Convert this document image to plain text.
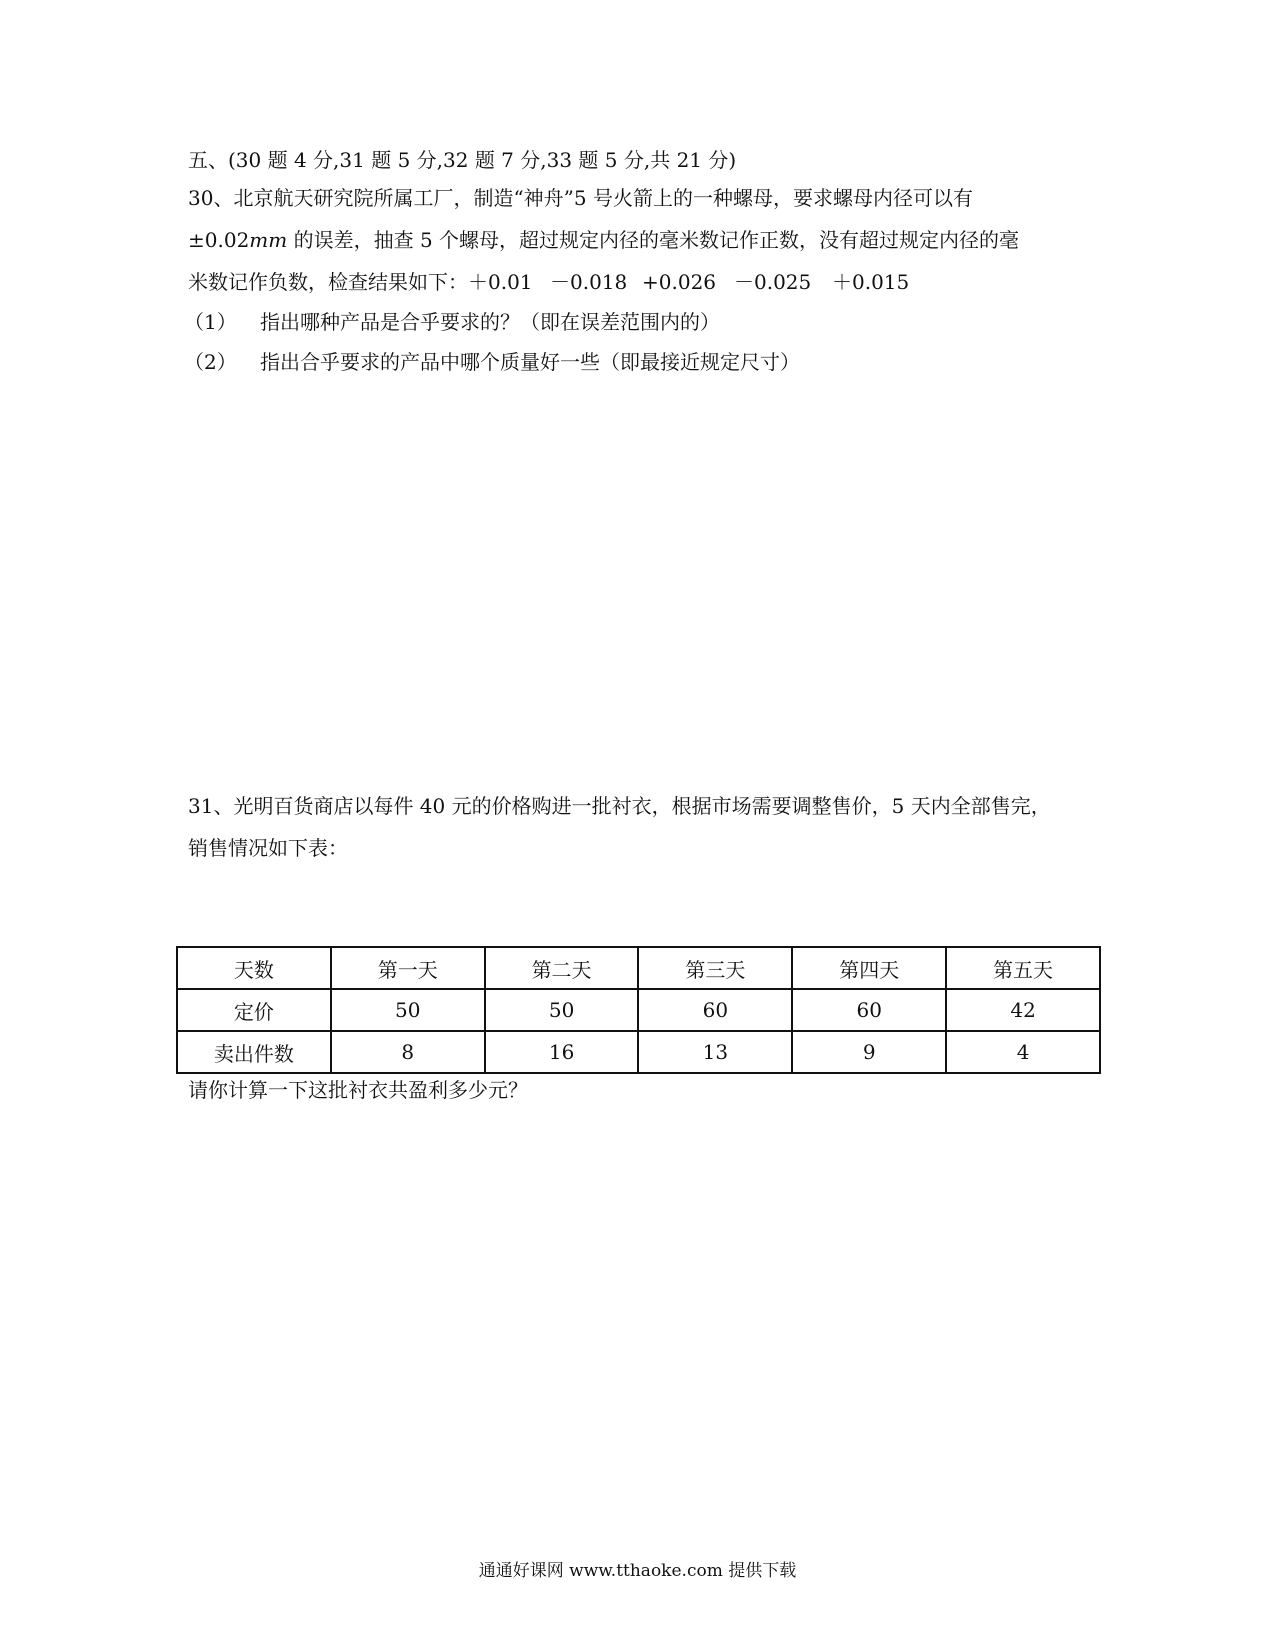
五、(30 题 4 分,31 题 5 分,32 题 7 分,33 题 5 分,共 21 分)
30、北京航天研究院所属工厂，制造“神舟”5 号火箭上的一种螺母，要求螺母内径可以有
±0.02mm 的误差，抽查 5 个螺母，超过规定内径的毫米数记作正数，没有超过规定内径的毫
米数记作负数，检查结果如下：＋0.01 －0.018 +0.026 －0.025 ＋0.015
（1） 指出哪种产品是合乎要求的？（即在误差范围内的）
（2） 指出合乎要求的产品中哪个质量好一些（即最接近规定尺寸）
31、光明百货商店以每件 40 元的价格购进一批衬衣，根据市场需要调整售价，5 天内全部售完，
销售情况如下表：
天数	第一天	第二天	第三天	第四天	第五天
定价	50	50	60	60	42
卖出件数	8	16	13	9	4
请你计算一下这批衬衣共盈利多少元？
通通好课网 www.tthaoke.com 提供下载
